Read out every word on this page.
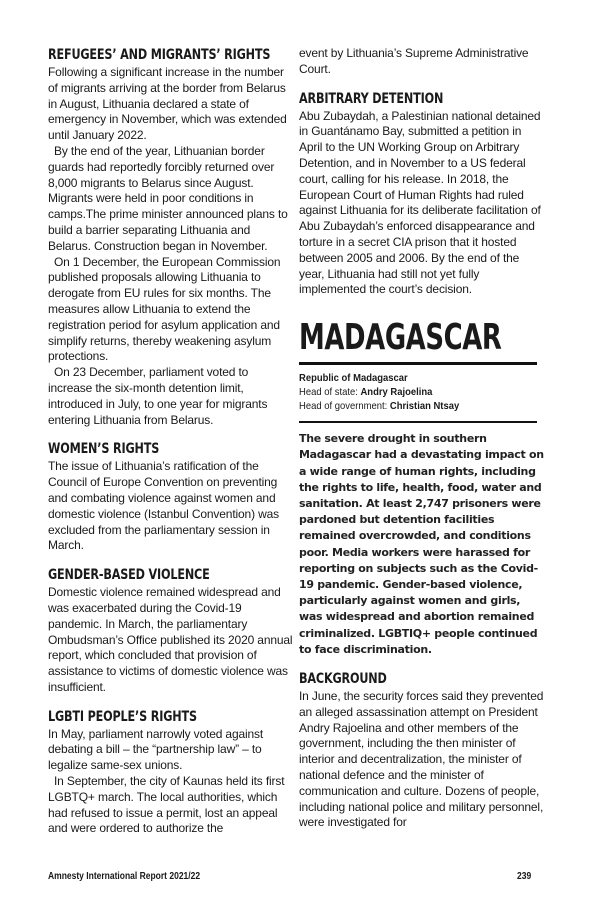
REFUGEES’ AND MIGRANTS’ RIGHTS

Following a significant increase in the number of migrants arriving at the border from Belarus in August, Lithuania declared a state of emergency in November, which was extended until January 2022.

By the end of the year, Lithuanian border guards had reportedly forcibly returned over 8,000 migrants to Belarus since August. Migrants were held in poor conditions in camps.The prime minister announced plans to build a barrier separating Lithuania and Belarus. Construction began in November.

On 1 December, the European Commission published proposals allowing Lithuania to derogate from EU rules for six months. The measures allow Lithuania to extend the registration period for asylum application and simplify returns, thereby weakening asylum protections.

On 23 December, parliament voted to increase the six-month detention limit, introduced in July, to one year for migrants entering Lithuania from Belarus.

WOMEN’S RIGHTS

The issue of Lithuania’s ratification of the Council of Europe Convention on preventing and combating violence against women and domestic violence (Istanbul Convention) was excluded from the parliamentary session in March.

GENDER-BASED VIOLENCE

Domestic violence remained widespread and was exacerbated during the Covid-19 pandemic. In March, the parliamentary Ombudsman’s Office published its 2020 annual report, which concluded that provision of assistance to victims of domestic violence was insufficient.

LGBTI PEOPLE’S RIGHTS

In May, parliament narrowly voted against debating a bill – the “partnership law” – to legalize same-sex unions.

In September, the city of Kaunas held its first LGBTQ+ march. The local authorities, which had refused to issue a permit, lost an appeal and were ordered to authorize the

event by Lithuania’s Supreme Administrative Court.

ARBITRARY DETENTION

Abu Zubaydah, a Palestinian national detained in Guantánamo Bay, submitted a petition in April to the UN Working Group on Arbitrary Detention, and in November to a US federal court, calling for his release. In 2018, the European Court of Human Rights had ruled against Lithuania for its deliberate facilitation of Abu Zubaydah’s enforced disappearance and torture in a secret CIA prison that it hosted between 2005 and 2006. By the end of the year, Lithuania had still not yet fully implemented the court’s decision.

MADAGASCAR
Republic of Madagascar
Head of state: Andry Rajoelina
Head of government: Christian Ntsay

The severe drought in southern Madagascar had a devastating impact on a wide range of human rights, including the rights to life, health, food, water and sanitation. At least 2,747 prisoners were pardoned but detention facilities remained overcrowded, and conditions poor. Media workers were harassed for reporting on subjects such as the Covid-19 pandemic. Gender-based violence, particularly against women and girls, was widespread and abortion remained criminalized. LGBTIQ+ people continued to face discrimination.

BACKGROUND

In June, the security forces said they prevented an alleged assassination attempt on President Andry Rajoelina and other members of the government, including the then minister of interior and decentralization, the minister of national defence and the minister of communication and culture. Dozens of people, including national police and military personnel, were investigated for

Amnesty International Report 2021/22	239
